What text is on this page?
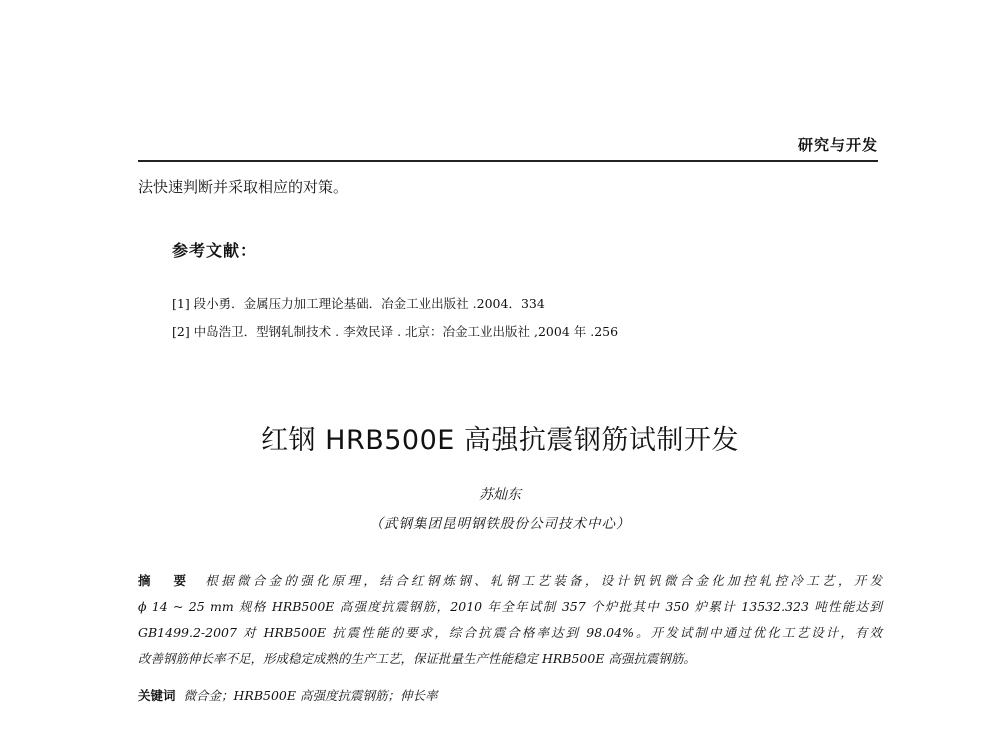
研究与开发
法快速判断并采取相应的对策。
参考文献：
[1] 段小勇．金属压力加工理论基础．冶金工业出版社 .2004．334
[2] 中岛浩卫．型钢轧制技术 . 李效民译 . 北京：冶金工业出版社 ,2004 年 .256
红钢 HRB500E 高强抗震钢筋试制开发
苏灿东
（武钢集团昆明钢铁股份公司技术中心）
摘 要 根据微合金的强化原理，结合红钢炼钢、轧钢工艺装备，设计钒钒微合金化加控轧控冷工艺，开发
ϕ 14 ~ 25 mm 规格 HRB500E 高强度抗震钢筋，2010 年全年试制 357 个炉批其中 350 炉累计 13532.323 吨性能达到
GB1499.2-2007 对 HRB500E 抗震性能的要求，综合抗震合格率达到 98.04%。开发试制中通过优化工艺设计，有效
改善钢筋伸长率不足，形成稳定成熟的生产工艺，保证批量生产性能稳定 HRB500E 高强抗震钢筋。
关键词 微合金；HRB500E 高强度抗震钢筋；伸长率
